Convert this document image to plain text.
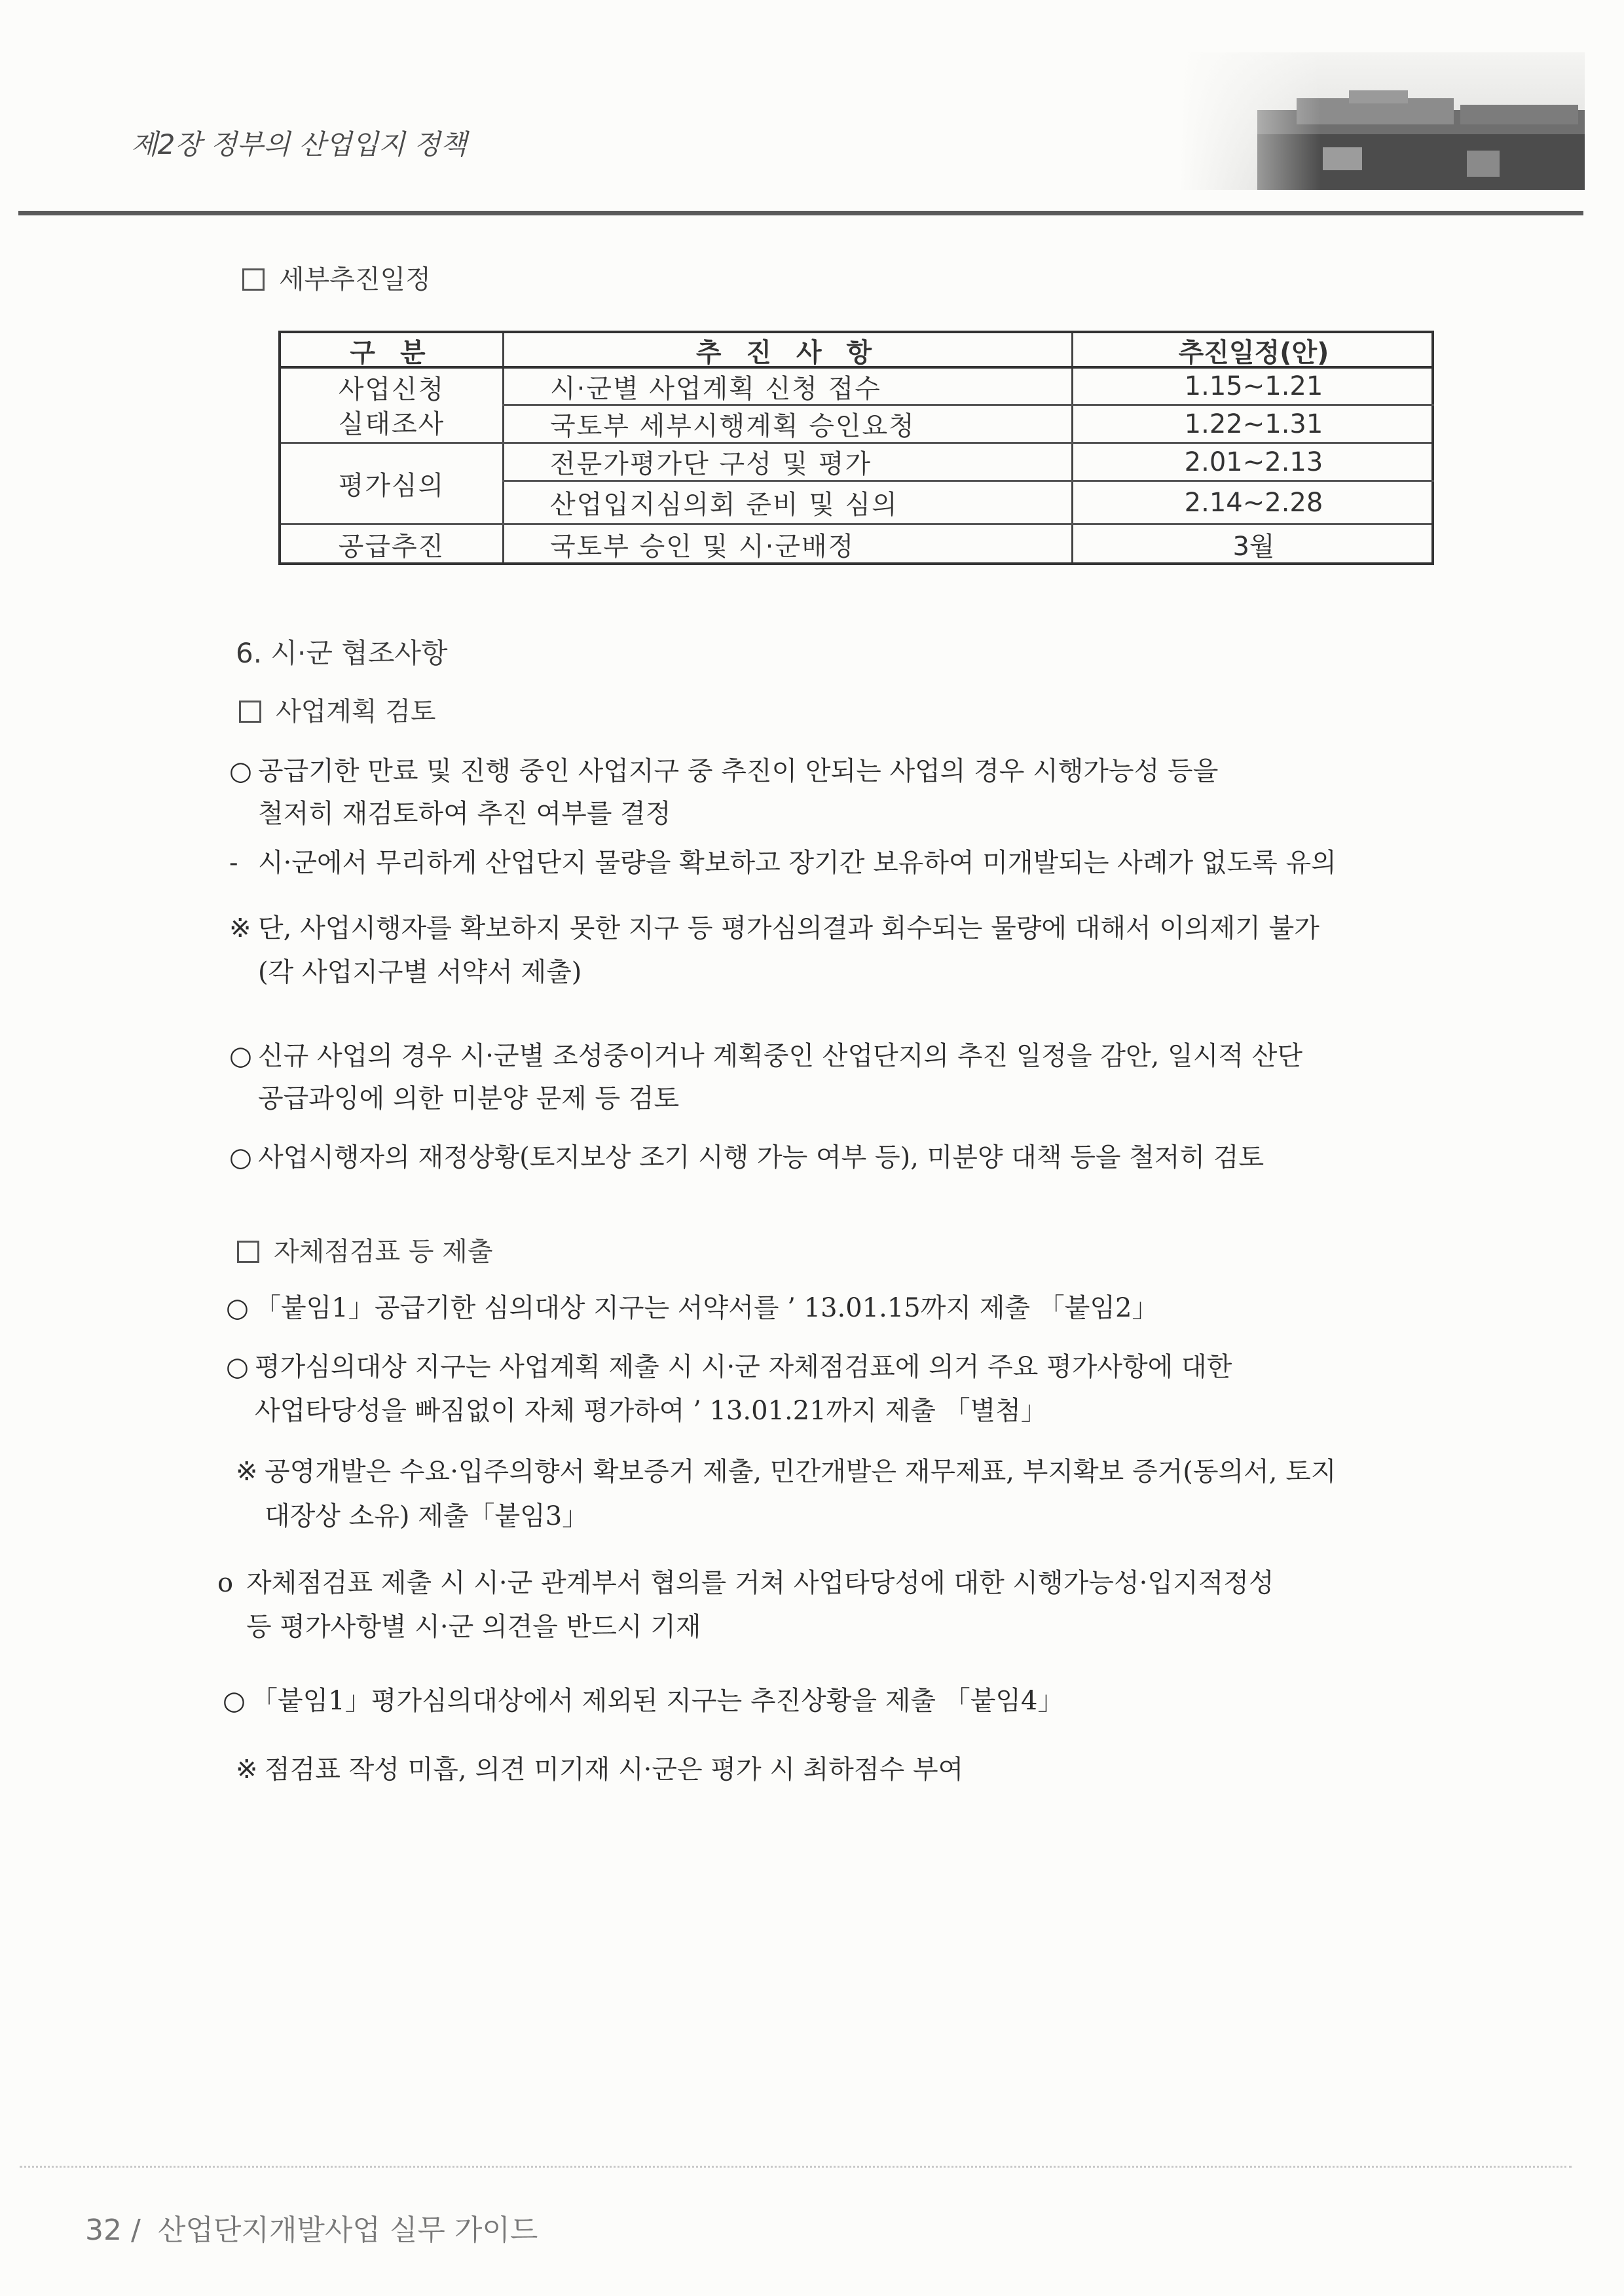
제2장 정부의 산업입지 정책
세부추진일정
구 분	추 진 사 항	추진일정(안)
사업신청
실태조사
평가심의
공급추진
시·군별 사업계획 신청 접수
국토부 세부시행계획 승인요청
전문가평가단 구성 및 평가
산업입지심의회 준비 및 심의
국토부 승인 및 시·군배정
1.15~1.21
1.22~1.31
2.01~2.13
2.14~2.28
3월
6. 시·군 협조사항
사업계획 검토
○ 공급기한 만료 및 진행 중인 사업지구 중 추진이 안되는 사업의 경우 시행가능성 등을
철저히 재검토하여 추진 여부를 결정
- 시·군에서 무리하게 산업단지 물량을 확보하고 장기간 보유하여 미개발되는 사례가 없도록 유의
※ 단, 사업시행자를 확보하지 못한 지구 등 평가심의결과 회수되는 물량에 대해서 이의제기 불가
(각 사업지구별 서약서 제출)
○ 신규 사업의 경우 시·군별 조성중이거나 계획중인 산업단지의 추진 일정을 감안, 일시적 산단
공급과잉에 의한 미분양 문제 등 검토
○ 사업시행자의 재정상황(토지보상 조기 시행 가능 여부 등), 미분양 대책 등을 철저히 검토
자체점검표 등 제출
○ 「붙임1」공급기한 심의대상 지구는 서약서를 ’ 13.01.15까지 제출 「붙임2」
○ 평가심의대상 지구는 사업계획 제출 시 시·군 자체점검표에 의거 주요 평가사항에 대한
사업타당성을 빠짐없이 자체 평가하여 ’ 13.01.21까지 제출 「별첨」
※ 공영개발은 수요·입주의향서 확보증거 제출, 민간개발은 재무제표, 부지확보 증거(동의서, 토지
대장상 소유) 제출「붙임3」
o 자체점검표 제출 시 시·군 관계부서 협의를 거쳐 사업타당성에 대한 시행가능성·입지적정성
등 평가사항별 시·군 의견을 반드시 기재
○ 「붙임1」평가심의대상에서 제외된 지구는 추진상황을 제출 「붙임4」
※ 점검표 작성 미흡, 의견 미기재 시·군은 평가 시 최하점수 부여
32 / 산업단지개발사업 실무 가이드
